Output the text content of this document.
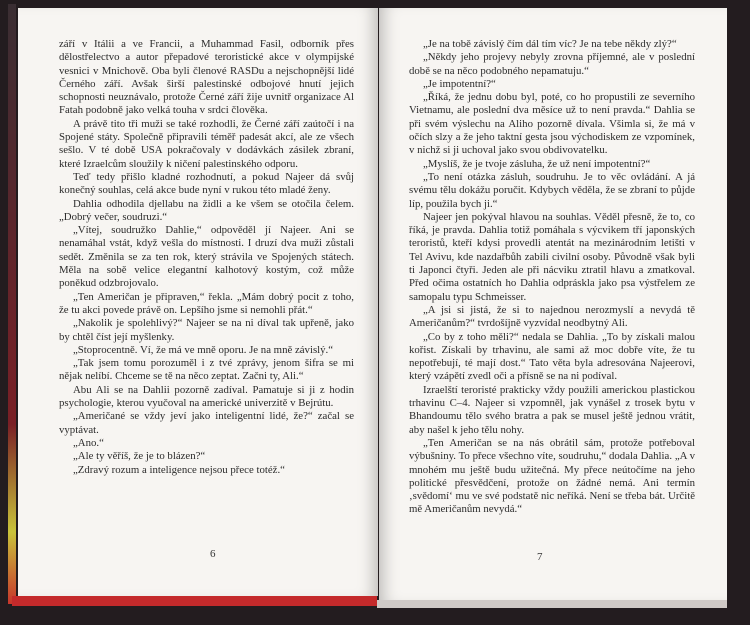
září v Itálii a ve Francii, a Muhammad Fasil, odborník přes dělostřelectvo a autor přepadové teroristické akce v olympijské vesnici v Mnichově. Oba byli členové RASDu a nejschopnější lidé Černého září. Avšak širší palestinské odbojové hnutí jejich schopnosti neuznávalo, protože Černé září žije uvnitř organizace Al Fatah podobně jako velká touha v srdci člověka.

A právě tito tři muži se také rozhodli, že Černé září zaútočí i na Spojené státy. Společně připravili téměř padesát akcí, ale ze všech sešlo. V té době USA pokračovaly v dodávkách zásilek zbraní, které Izraelcům sloužily k ničení palestinského odporu.

Teď tedy přišlo kladné rozhodnutí, a pokud Najeer dá svůj konečný souhlas, celá akce bude nyní v rukou této mladé ženy.

Dahlia odhodila djellabu na židli a ke všem se otočila čelem. „Dobrý večer, soudruzi.“

„Vítej, soudružko Dahlie,“ odpověděl jí Najeer. Ani se nenamáhal vstát, když vešla do místnosti. I druzí dva muži zůstali sedět. Změnila se za ten rok, který strávila ve Spojených státech. Měla na sobě velice elegantní kalhotový kostým, což může poněkud odzbrojovalo.

„Ten Američan je připraven,“ řekla. „Mám dobrý pocit z toho, že tu akci povede právě on. Lepšího jsme si nemohli přát.“

„Nakolik je spolehlivý?“ Najeer se na ni díval tak upřeně, jako by chtěl číst její myšlenky.

„Stoprocentně. Ví, že má ve mně oporu. Je na mně závislý.“

„Tak jsem tomu porozuměl i z tvé zprávy, jenom šifra se mi nějak nelíbí. Chceme se tě na něco zeptat. Začni ty, Ali.“

Abu Ali se na Dahlii pozorně zadíval. Pamatuje si ji z hodin psychologie, kterou vyučoval na americké univerzitě v Bejrútu.

„Američané se vždy jeví jako inteligentní lidé, že?“ začal se vyptávat.

„Ano.“

„Ale ty věříš, že je to blázen?“

„Zdravý rozum a inteligence nejsou přece totéž.“

6

„Je na tobě závislý čím dál tím víc? Je na tebe někdy zlý?“

„Někdy jeho projevy nebyly zrovna příjemné, ale v poslední době se na něco podobného nepamatuju.“

„Je impotentní?“

„Říká, že jednu dobu byl, poté, co ho propustili ze severního Vietnamu, ale poslední dva měsíce už to není pravda.“ Dahlia se při svém výslechu na Aliho pozorně dívala. Všimla si, že má v očích slzy a že jeho taktní gesta jsou východiskem ze vzpomínek, v nichž si ji uchoval jako svou obdivovatelku.

„Myslíš, že je tvoje zásluha, že už není impotentní?“

„To není otázka zásluh, soudruhu. Je to věc ovládání. A já svému tělu dokážu poručit. Kdybych věděla, že se zbraní to půjde líp, použila bych ji.“

Najeer jen pokýval hlavou na souhlas. Věděl přesně, že to, co říká, je pravda. Dahlia totiž pomáhala s výcvikem tří japonských teroristů, kteří kdysi provedli atentát na mezinárodním letišti v Tel Avivu, kde nazdařbůh zabili civilní osoby. Původně však byli ti Japonci čtyři. Jeden ale při nácviku ztratil hlavu a zmatkoval. Před očima ostatních ho Dahlia odpráskla jako psa výstřelem ze samopalu typu Schmeisser.

„A jsi si jistá, že si to najednou nerozmyslí a nevydá tě Američanům?“ tvrdošíjně vyzvídal neodbytný Ali.

„Co by z toho měli?“ nedala se Dahlia. „To by získali malou kořist. Získali by trhavinu, ale sami až moc dobře víte, že tu nepotřebují, té mají dost.“ Tato věta byla adresována Najeerovi, který vzápětí zvedl oči a přísně se na ni podíval.

Izraelští teroristé prakticky vždy použili americkou plastickou trhavinu C–4. Najeer si vzpomněl, jak vynášel z trosek bytu v Bhandoumu tělo svého bratra a pak se musel ještě jednou vrátit, aby našel k jeho tělu nohy.

„Ten Američan se na nás obrátil sám, protože potřeboval výbušniny. To přece všechno víte, soudruhu,“ dodala Dahlia. „A v mnohém mu ještě budu užitečná. My přece neútočíme na jeho politické přesvědčení, protože on žádné nemá. Ani termín ‚svědomí‘ mu ve své podstatě nic neříká. Není se třeba bát. Určitě mě Američanům nevydá.“

7
